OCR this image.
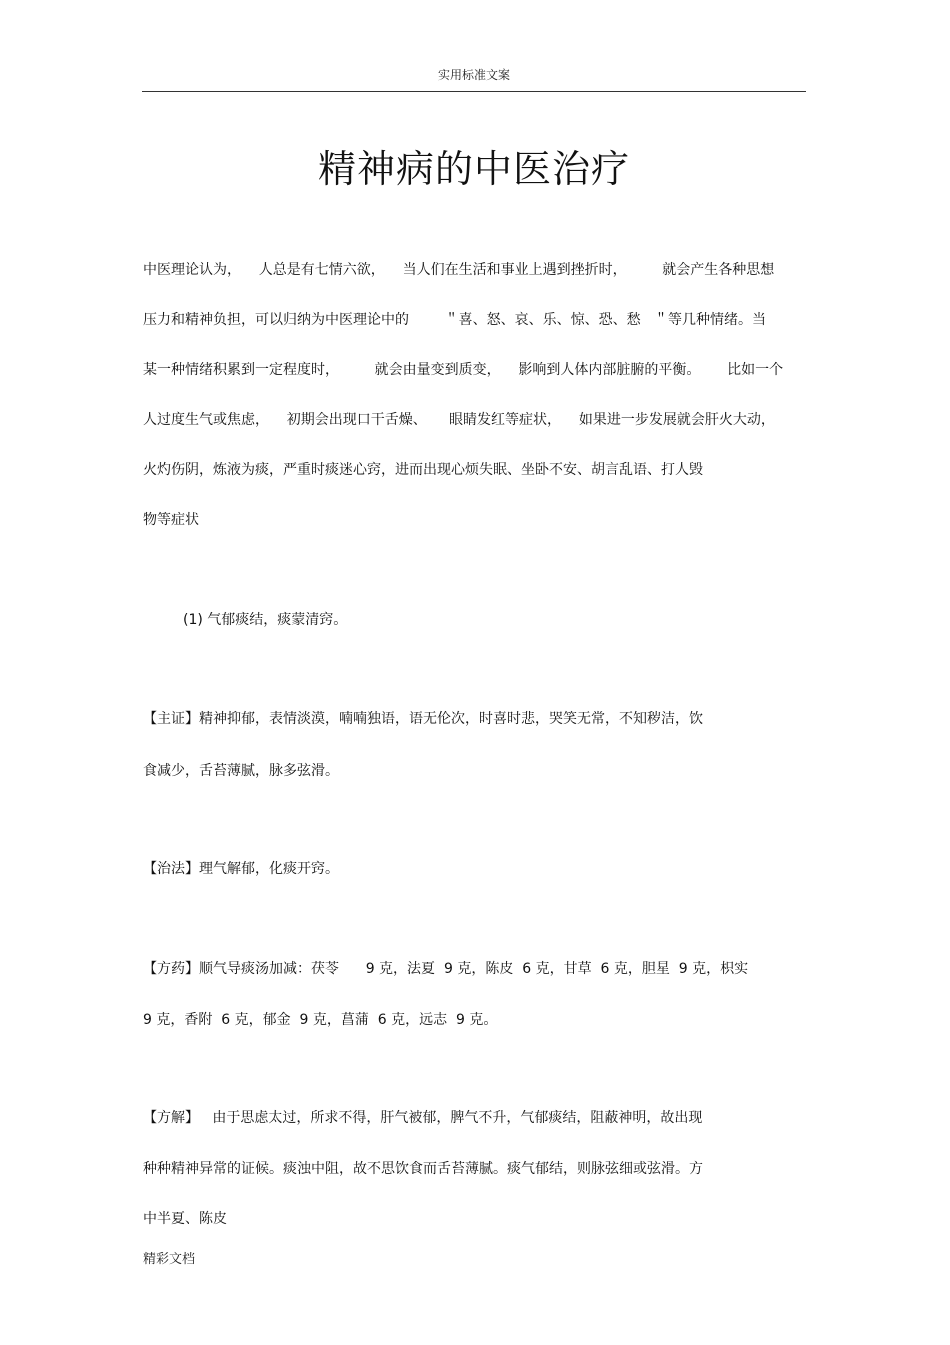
实用标准文案
精神病的中医治疗
中医理论认为，    人总是有七情六欲，    当人们在生活和事业上遇到挫折时，        就会产生各种思想
压力和精神负担，可以归纳为中医理论中的        ＂喜、怒、哀、乐、惊、恐、愁   ＂等几种情绪。当
某一种情绪积累到一定程度时，        就会由量变到质变，    影响到人体内部脏腑的平衡。      比如一个
人过度生气或焦虑，    初期会出现口干舌燥、     眼睛发红等症状，    如果进一步发展就会肝火大动，
火灼伤阴，炼液为痰，严重时痰迷心窍，进而出现心烦失眠、坐卧不安、胡言乱语、打人毁
物等症状
(1) 气郁痰结，痰蒙清窍。
【主证】精神抑郁，表情淡漠，喃喃独语，语无伦次，时喜时悲，哭笑无常，不知秽洁，饮
食减少，舌苔薄腻，脉多弦滑。
【治法】理气解郁，化痰开窍。
【方药】顺气导痰汤加减：茯苓      9 克，法夏  9 克，陈皮  6 克，甘草  6 克，胆星  9 克，枳实
9 克，香附  6 克，郁金  9 克，菖蒲  6 克，远志  9 克。
【方解】   由于思虑太过，所求不得，肝气被郁，脾气不升，气郁痰结，阻蔽神明，故出现
种种精神异常的证候。痰浊中阻，故不思饮食而舌苔薄腻。痰气郁结，则脉弦细或弦滑。方
中半夏、陈皮
精彩文档
